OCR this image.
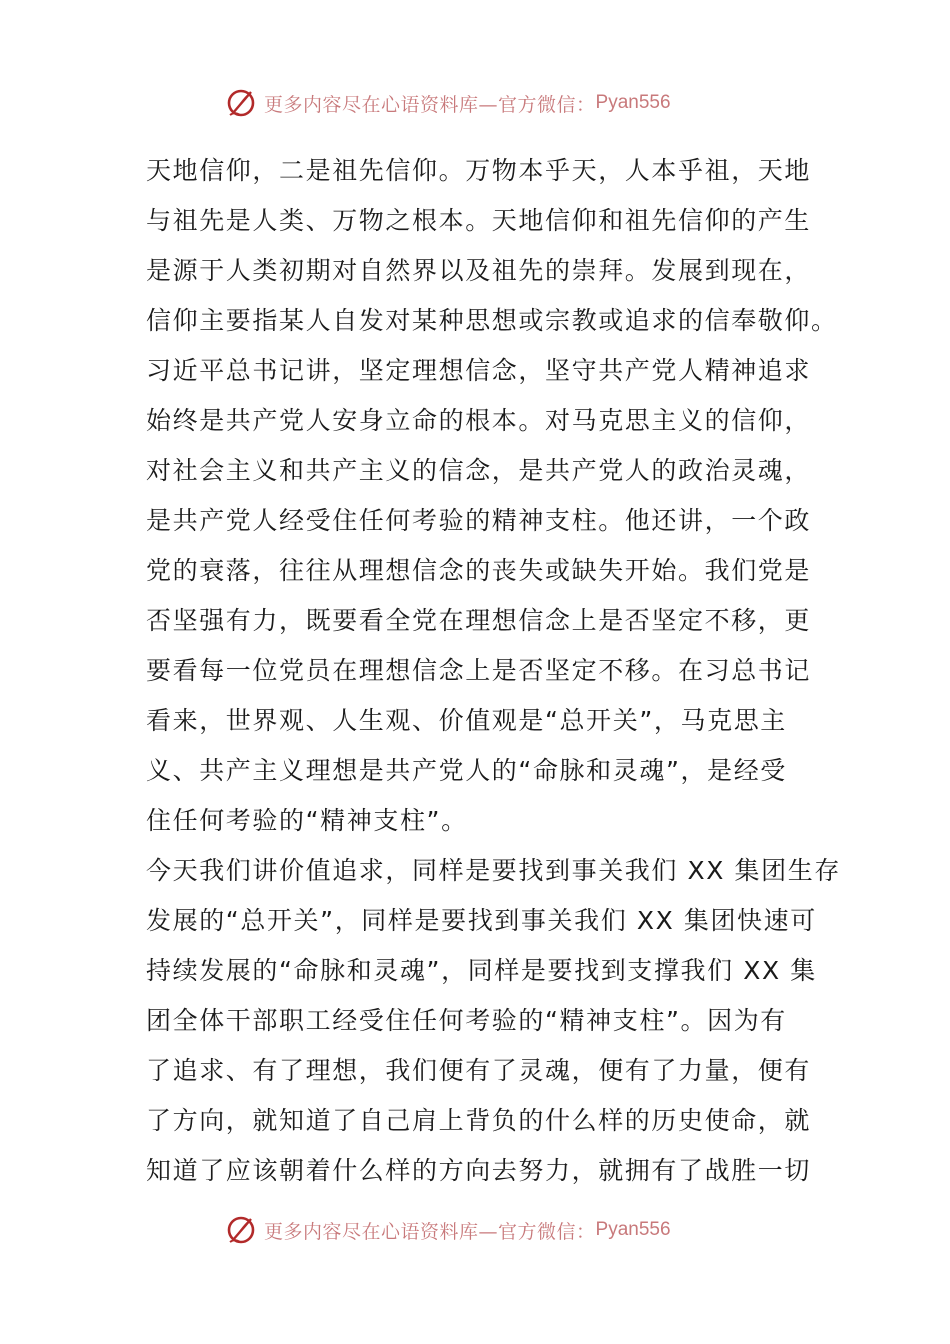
更多内容尽在心语资料库—官方微信： Pyan556
天地信仰，二是祖先信仰。万物本乎天，人本乎祖，天地
与祖先是人类、万物之根本。天地信仰和祖先信仰的产生
是源于人类初期对自然界以及祖先的崇拜。发展到现在，
信仰主要指某人自发对某种思想或宗教或追求的信奉敬仰。
习近平总书记讲，坚定理想信念，坚守共产党人精神追求
始终是共产党人安身立命的根本。对马克思主义的信仰，
对社会主义和共产主义的信念，是共产党人的政治灵魂，
是共产党人经受住任何考验的精神支柱。他还讲，一个政
党的衰落，往往从理想信念的丧失或缺失开始。我们党是
否坚强有力，既要看全党在理想信念上是否坚定不移，更
要看每一位党员在理想信念上是否坚定不移。在习总书记
看来，世界观、人生观、价值观是“总开关”，马克思主
义、共产主义理想是共产党人的“命脉和灵魂”，是经受
住任何考验的“精神支柱”。
今天我们讲价值追求，同样是要找到事关我们 XX 集团生存
发展的“总开关”，同样是要找到事关我们 XX 集团快速可
持续发展的“命脉和灵魂”，同样是要找到支撑我们 XX 集
团全体干部职工经受住任何考验的“精神支柱”。因为有
了追求、有了理想，我们便有了灵魂，便有了力量，便有
了方向，就知道了自己肩上背负的什么样的历史使命，就
知道了应该朝着什么样的方向去努力，就拥有了战胜一切
更多内容尽在心语资料库—官方微信： Pyan556
